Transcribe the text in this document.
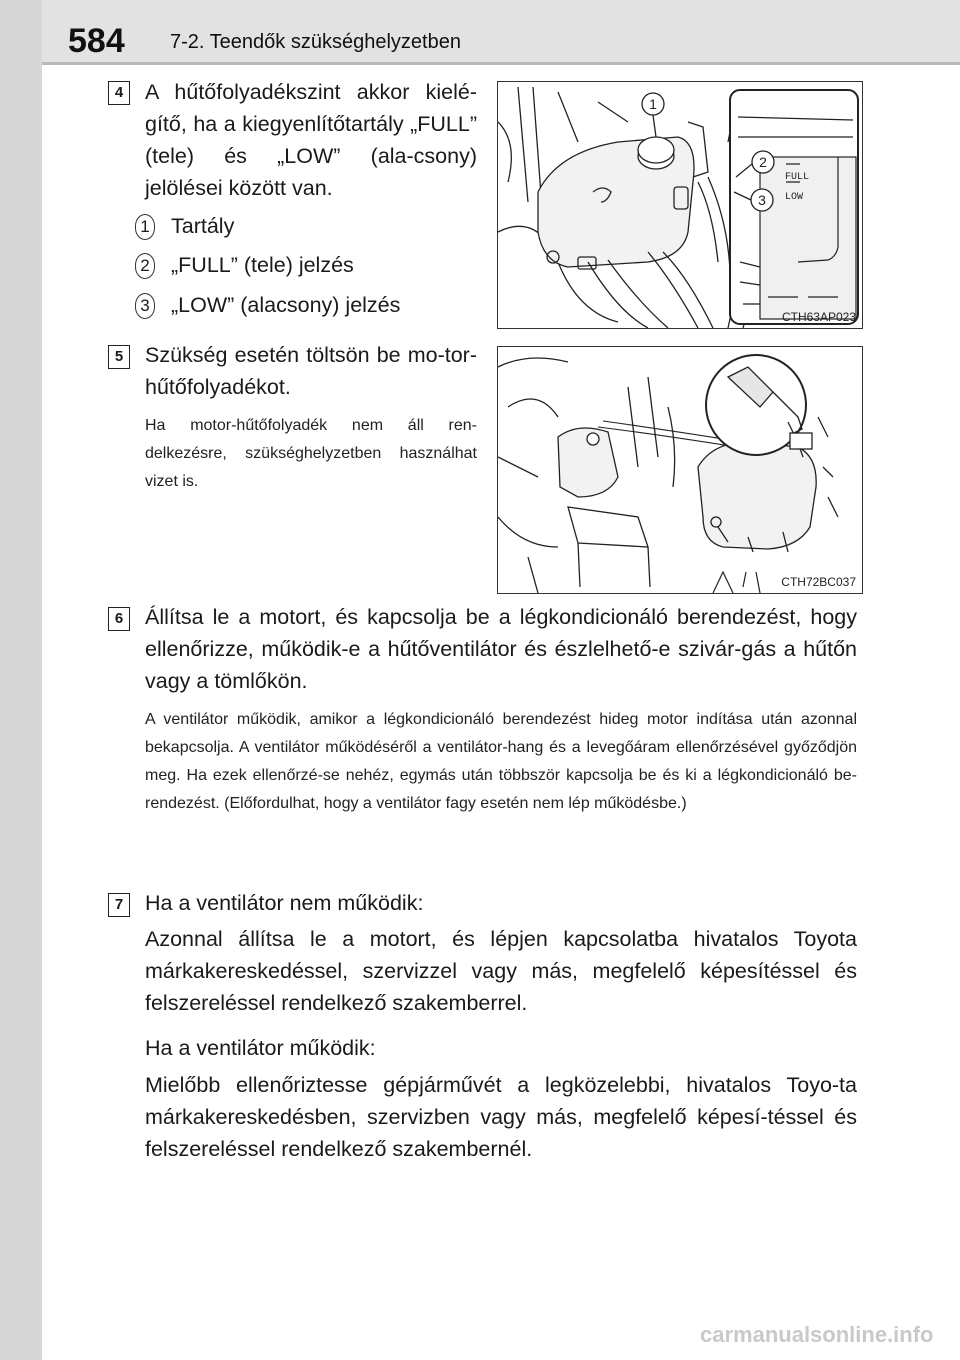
584 7-2. Teendők szükséghelyzetben
4	A hűtőfolyadékszint akkor kielé-gítő, ha a kiegyenlítőtartály „FULL” (tele) és „LOW” (ala-csony) jelölései között van.
1 Tartály
2 „FULL” (tele) jelzés
3 „LOW” (alacsony) jelzés
FULL
LOW
1
2
3
CTH63AP023
5	Szükség esetén töltsön be mo-tor-hűtőfolyadékot.
Ha motor-hűtőfolyadék nem áll ren-delkezésre, szükséghelyzetben használhat vizet is.
CTH72BC037
6	Állítsa le a motort, és kapcsolja be a légkondicionáló berendezést, hogy ellenőrizze, működik-e a hűtőventilátor és észlelhető-e szivár-gás a hűtőn vagy a tömlőkön.
A ventilátor működik, amikor a légkondicionáló berendezést hideg motor indítása után azonnal bekapcsolja. A ventilátor működéséről a ventilátor-hang és a levegőáram ellenőrzésével győződjön meg. Ha ezek ellenőrzé-se nehéz, egymás után többször kapcsolja be és ki a légkondicionáló be-rendezést. (Előfordulhat, hogy a ventilátor fagy esetén nem lép működésbe.)
7	Ha a ventilátor nem működik:
Azonnal állítsa le a motort, és lépjen kapcsolatba hivatalos Toyota márkakereskedéssel, szervizzel vagy más, megfelelő képesítéssel és felszereléssel rendelkező szakemberrel.
Ha a ventilátor működik:
Mielőbb ellenőriztesse gépjárművét a legközelebbi, hivatalos Toyo-ta márkakereskedésben, szervizben vagy más, megfelelő képesí-téssel és felszereléssel rendelkező szakembernél.
carmanualsonline.info
